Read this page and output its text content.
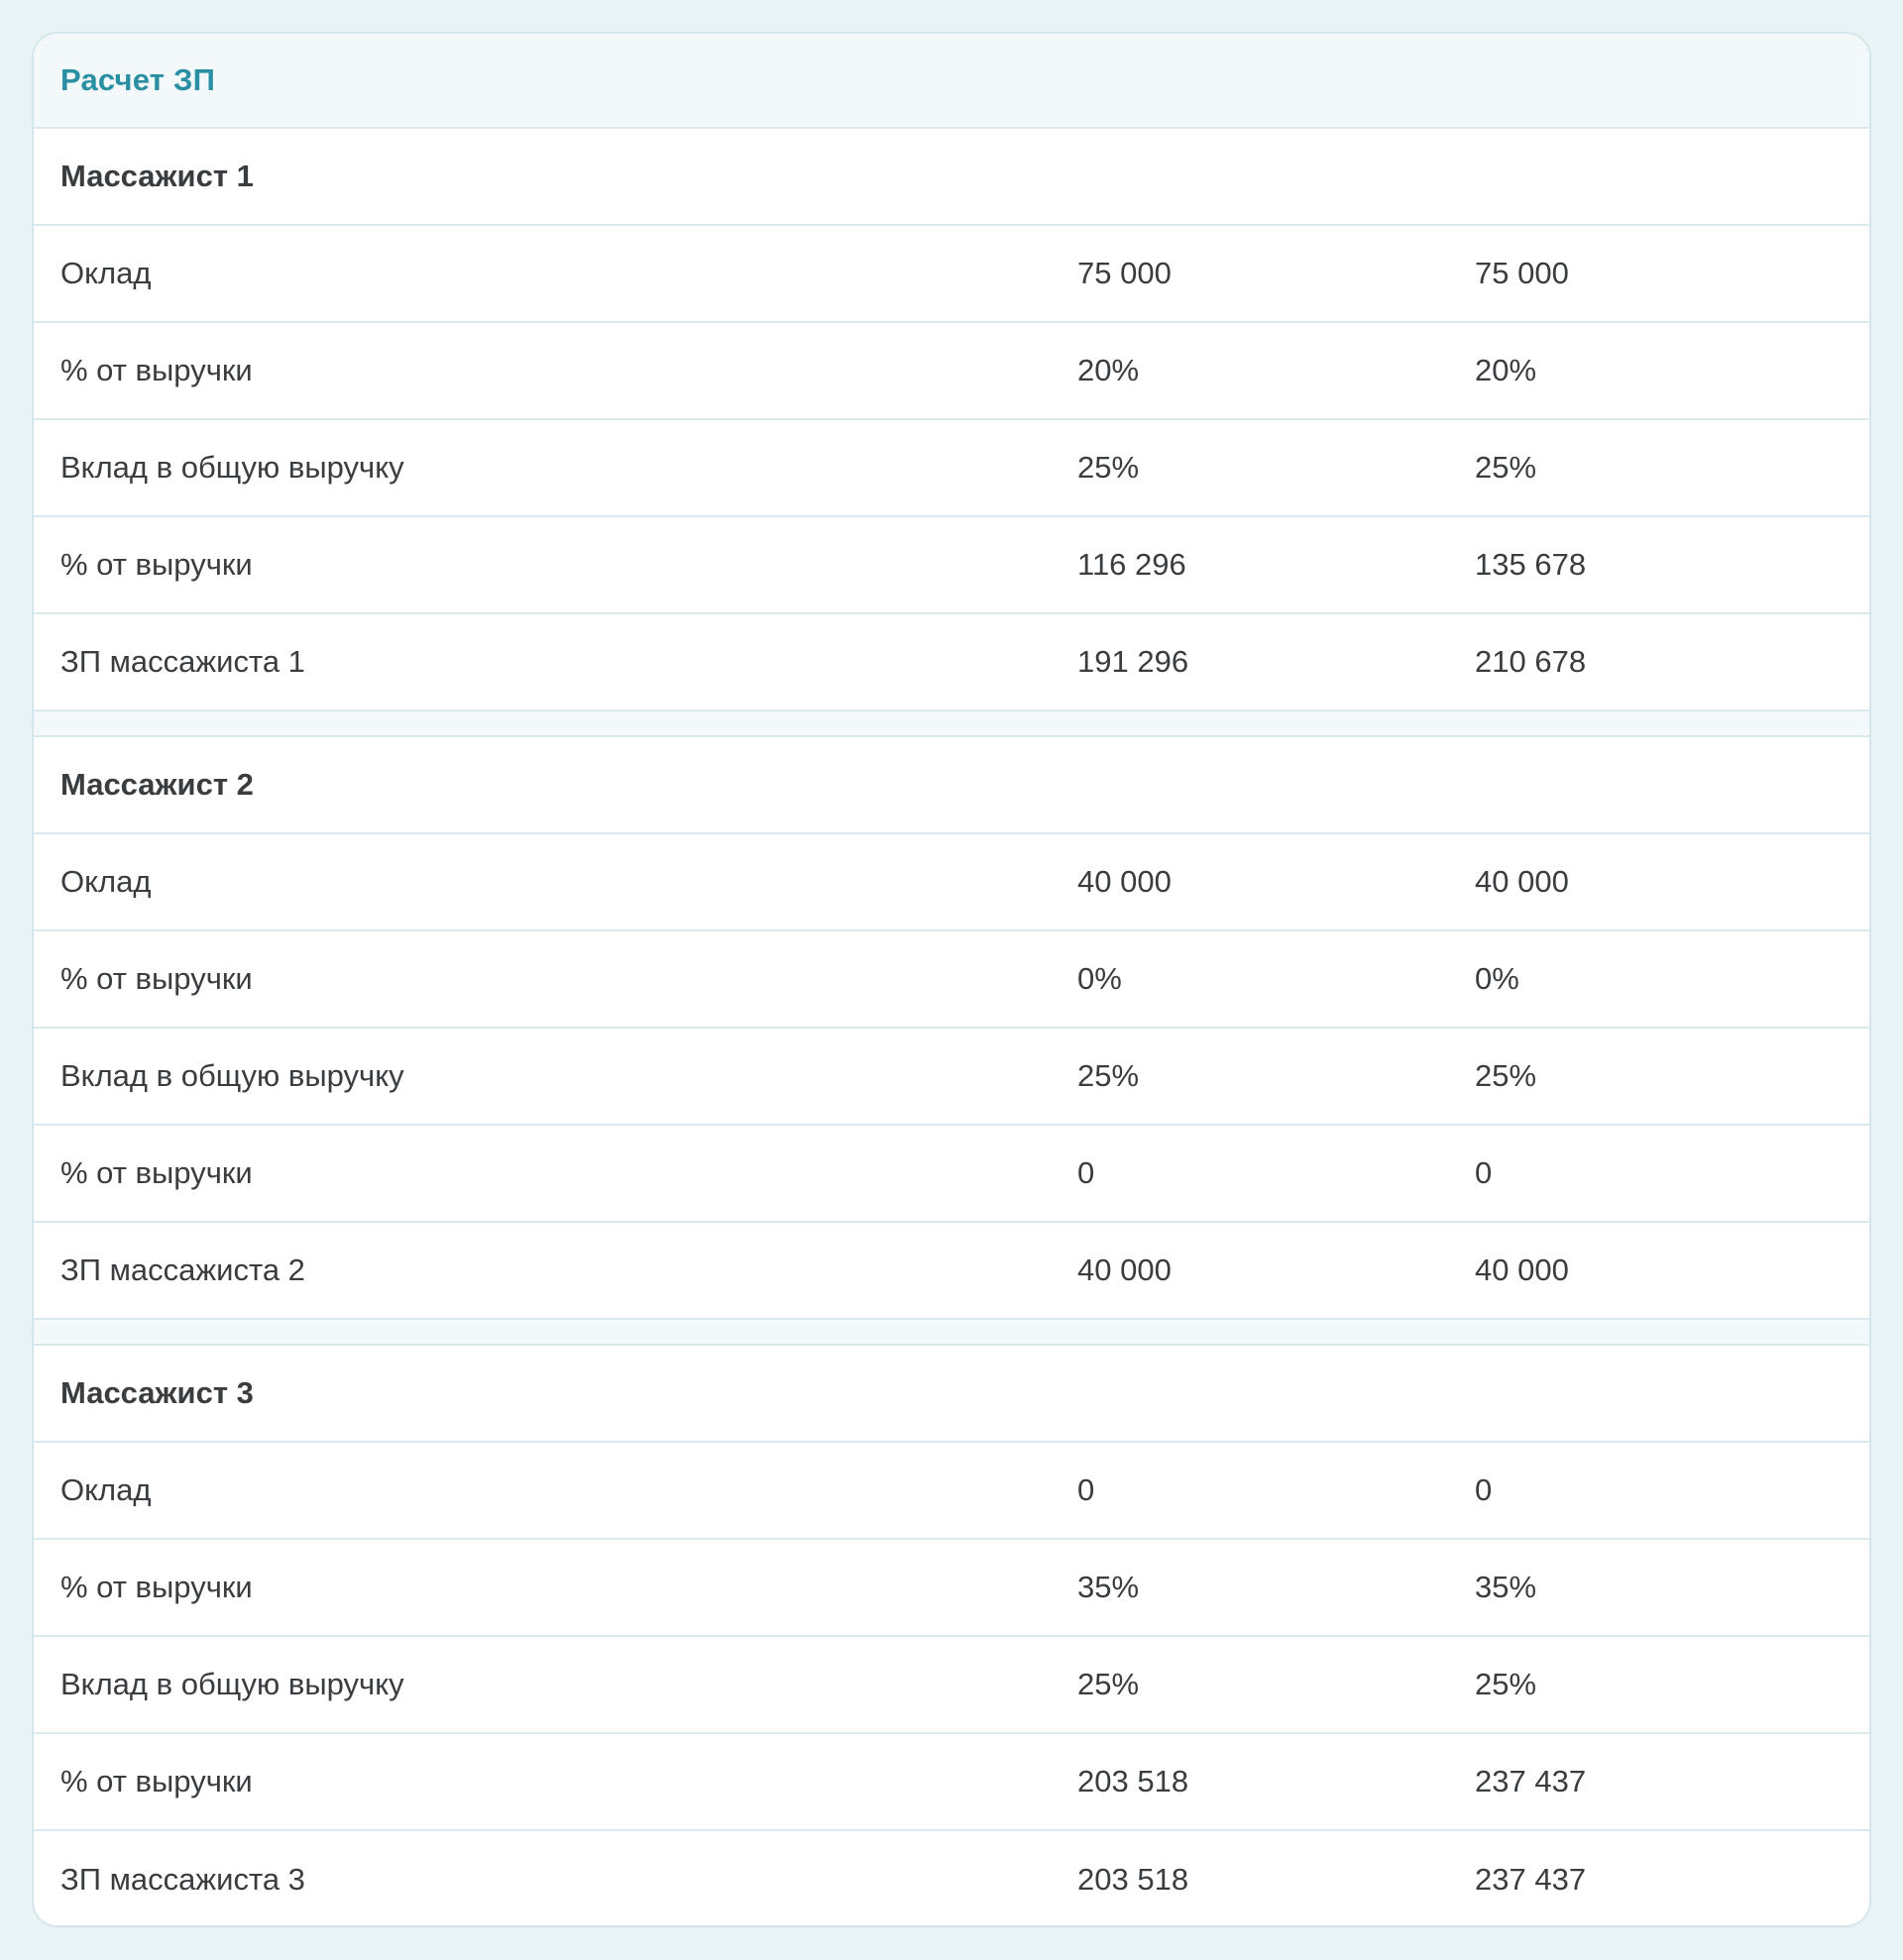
Расчет ЗП
Массажист 1
Оклад	75 000	75 000
% от выручки	20%	20%
Вклад в общую выручку	25%	25%
% от выручки	116 296	135 678
ЗП массажиста 1	191 296	210 678
Массажист 2
Оклад	40 000	40 000
% от выручки	0%	0%
Вклад в общую выручку	25%	25%
% от выручки	0	0
ЗП массажиста 2	40 000	40 000
Массажист 3
Оклад	0	0
% от выручки	35%	35%
Вклад в общую выручку	25%	25%
% от выручки	203 518	237 437
ЗП массажиста 3	203 518	237 437
